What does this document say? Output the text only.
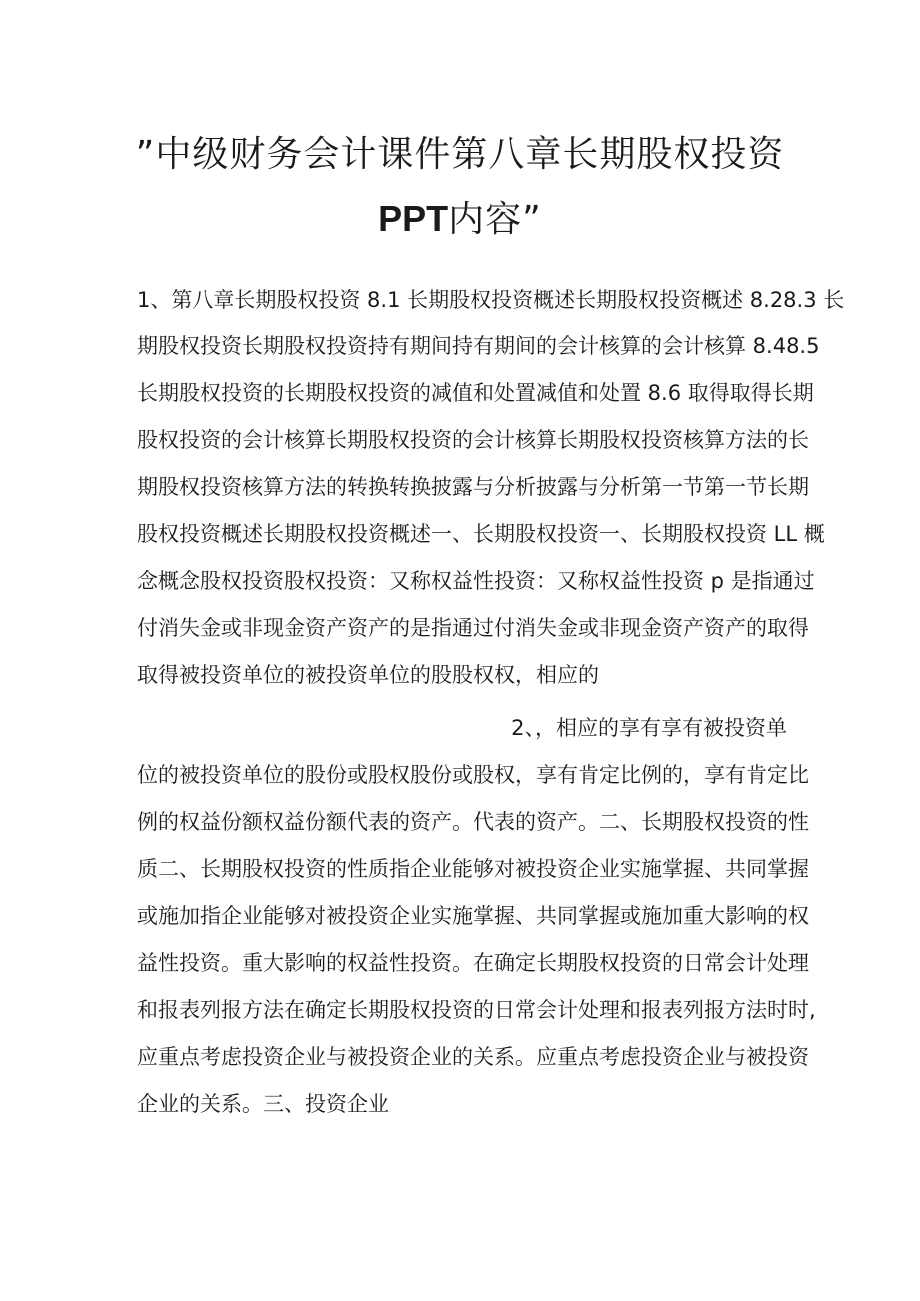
”中级财务会计课件第八章长期股权投资
PPT内容”

1、第八章长期股权投资 8.1 长期股权投资概述长期股权投资概述 8.28.3 长

期股权投资长期股权投资持有期间持有期间的会计核算的会计核算 8.48.5

长期股权投资的长期股权投资的减值和处置减值和处置 8.6 取得取得长期

股权投资的会计核算长期股权投资的会计核算长期股权投资核算方法的长

期股权投资核算方法的转换转换披露与分析披露与分析第一节第一节长期

股权投资概述长期股权投资概述一、长期股权投资一、长期股权投资 LL 概

念概念股权投资股权投资：又称权益性投资：又称权益性投资 p 是指通过

付消失金或非现金资产资产的是指通过付消失金或非现金资产资产的取得

取得被投资单位的被投资单位的股股权权，相应的

2、，相应的享有享有被投资单

位的被投资单位的股份或股权股份或股权，享有肯定比例的，享有肯定比

例的权益份额权益份额代表的资产。代表的资产。二、长期股权投资的性

质二、长期股权投资的性质指企业能够对被投资企业实施掌握、共同掌握

或施加指企业能够对被投资企业实施掌握、共同掌握或施加重大影响的权

益性投资。重大影响的权益性投资。在确定长期股权投资的日常会计处理

和报表列报方法在确定长期股权投资的日常会计处理和报表列报方法时时,

应重点考虑投资企业与被投资企业的关系。应重点考虑投资企业与被投资

企业的关系。三、投资企业
